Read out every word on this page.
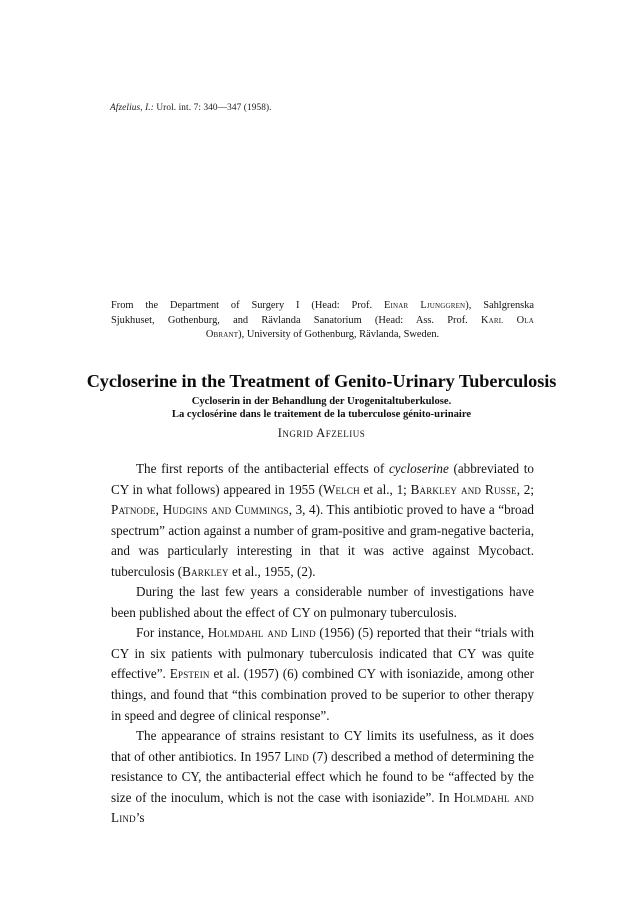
Afzelius, I.: Urol. int. 7: 340—347 (1958).
From the Department of Surgery I (Head: Prof. Einar Ljunggren), Sahlgrenska
Sjukhuset, Gothenburg, and Rävlanda Sanatorium (Head: Ass. Prof. Karl Ola
Obrant), University of Gothenburg, Rävlanda, Sweden.
Cycloserine in the Treatment of Genito-Urinary Tuberculosis
Cycloserin in der Behandlung der Urogenitaltuberkulose.
La cyclosérine dans le traitement de la tuberculose génito-urinaire
Ingrid Afzelius

The first reports of the antibacterial effects of cycloserine (abbreviated to CY in what follows) appeared in 1955 (Welch et al., 1; Barkley and Russe, 2; Patnode, Hudgins and Cummings, 3, 4). This antibiotic proved to have a “broad spectrum” action against a number of gram-positive and gram-negative bacteria, and was particularly interesting in that it was active against Mycobact. tuberculosis (Barkley et al., 1955, (2).

During the last few years a considerable number of investigations have been published about the effect of CY on pulmonary tuberculosis.

For instance, Holmdahl and Lind (1956) (5) reported that their “trials with CY in six patients with pulmonary tuberculosis indicated that CY was quite effective”. Epstein et al. (1957) (6) combined CY with isoniazide, among other things, and found that “this combination proved to be superior to other therapy in speed and degree of clinical response”.

The appearance of strains resistant to CY limits its usefulness, as it does that of other antibiotics. In 1957 Lind (7) described a method of determining the resistance to CY, the antibacterial effect which he found to be “affected by the size of the inoculum, which is not the case with isoniazide”. In Holmdahl and Lind’s
